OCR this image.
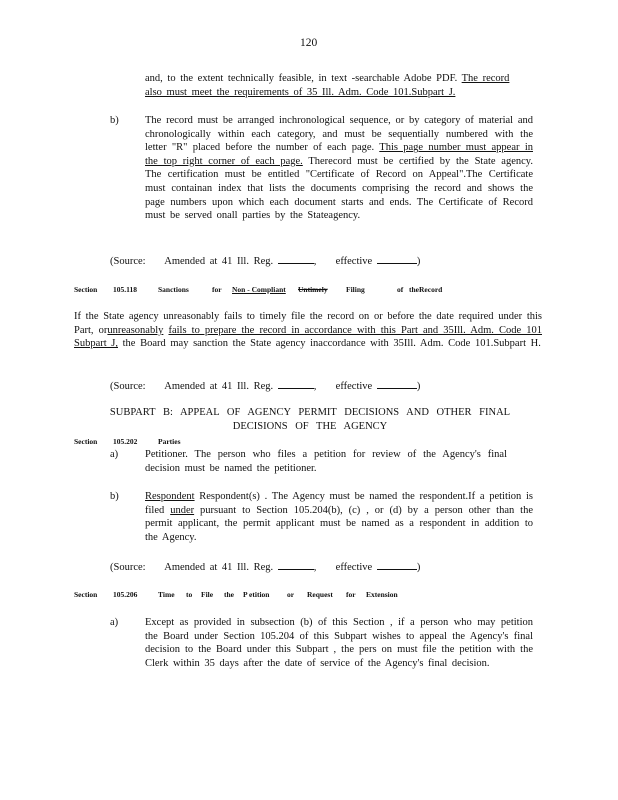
120
and, to the extent technically feasible, in text -searchable Adobe PDF. The record
also must meet the requirements of 35 Ill. Adm. Code 101.Subpart J.
b)	The record must be arranged inchronological sequence, or by category of material and chronologically within each category, and must be sequentially numbered with the letter "R" placed before the number of each page. This page number must appear in the top right corner of each page. Therecord must be certified by the State agency. The certification must be entitled "Certificate of Record on Appeal".The Certificate must containan index that lists the documents comprising the record and shows the page numbers upon which each document starts and ends. The Certificate of Record must be served onall parties by the Stateagency.
(Source: Amended at 41 Ill. Reg.	, effective	)
Section 105.118	Sanctions	for Non - Compliant Untimely Filing	of theRecord
If the State agency unreasonably fails to timely file the record on or before the date required under this Part, orunreasonably fails to prepare the record in accordance with this Part and 35Ill. Adm. Code 101 Subpart J, the Board may sanction the State agency inaccordance with 35Ill. Adm. Code 101.Subpart H.
(Source: Amended at 41 Ill. Reg.	, effective	)
SUBPART B: APPEAL OF AGENCY PERMIT DECISIONS AND OTHER FINAL
DECISIONS OF THE AGENCY
Section 105.202	Parties
a)	Petitioner. The person who files a petition for review of the Agency's final decision must be named the petitioner.
b)	Respondent Respondent(s) . The Agency must be named the respondent.If a petition is filed under pursuant to Section 105.204(b), (c) , or (d) by a person other than the permit applicant, the permit applicant must be named as a respondent in addition to the Agency.
(Source: Amended at 41 Ill. Reg.	, effective	)
Section 105.206	Time to File the P etition or Request for Extension
a)	Except as provided in subsection (b) of this Section , if a person who may petition the Board under Section 105.204 of this Subpart wishes to appeal the Agency's final decision to the Board under this Subpart , the pers on must file the petition with the Clerk within 35 days after the date of service of the Agency's final decision.
